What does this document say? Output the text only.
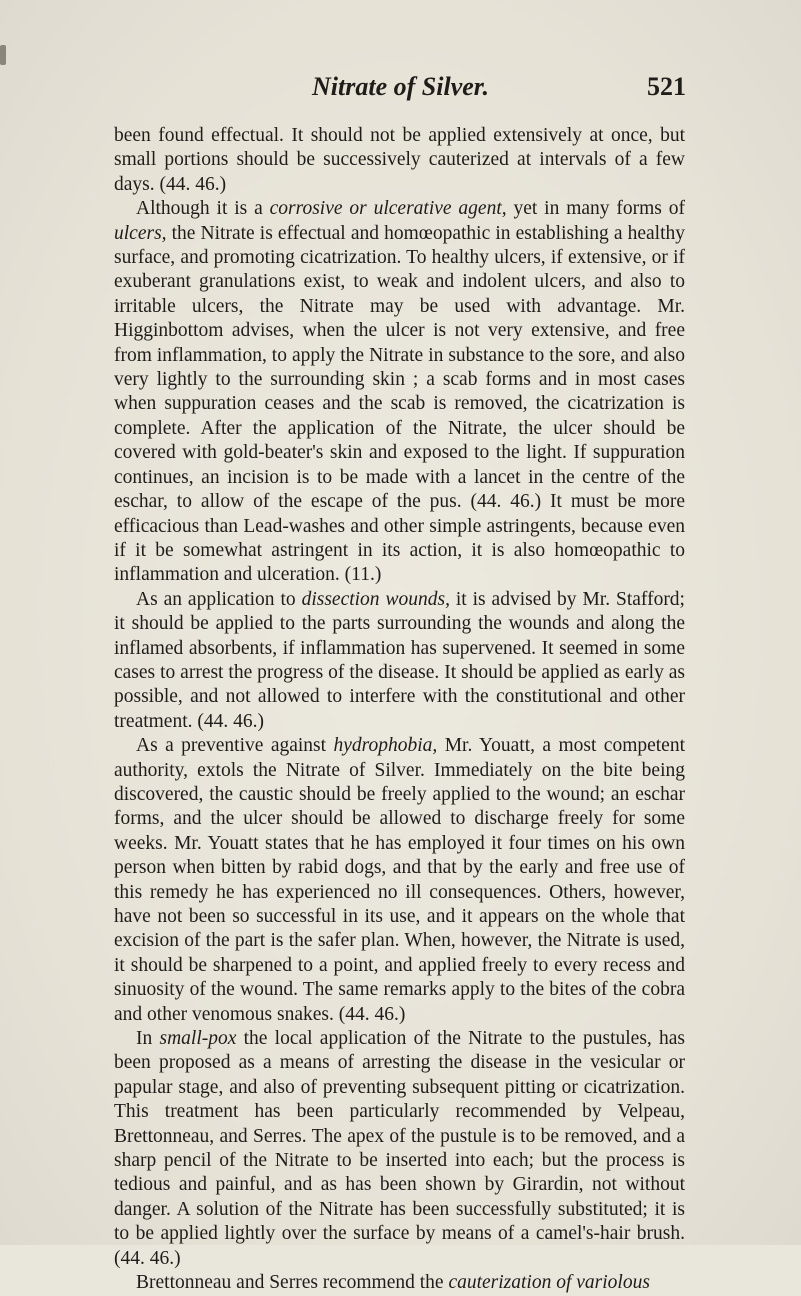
Nitrate of Silver.	521

been found effectual. It should not be applied extensively at once, but small portions should be successively cauterized at intervals of a few days. (44. 46.)

Although it is a corrosive or ulcerative agent, yet in many forms of ulcers, the Nitrate is effectual and homœopathic in establishing a healthy surface, and promoting cicatrization. To healthy ulcers, if extensive, or if exuberant granulations exist, to weak and indolent ulcers, and also to irritable ulcers, the Nitrate may be used with advantage. Mr. Higginbottom advises, when the ulcer is not very extensive, and free from inflammation, to apply the Nitrate in substance to the sore, and also very lightly to the surrounding skin ; a scab forms and in most cases when suppuration ceases and the scab is removed, the cicatrization is complete. After the application of the Nitrate, the ulcer should be covered with gold-beater's skin and exposed to the light. If suppuration continues, an incision is to be made with a lancet in the centre of the eschar, to allow of the escape of the pus. (44. 46.) It must be more efficacious than Lead-washes and other simple astringents, because even if it be somewhat astringent in its action, it is also homœopathic to inflammation and ulceration. (11.)

As an application to dissection wounds, it is advised by Mr. Stafford; it should be applied to the parts surrounding the wounds and along the inflamed absorbents, if inflammation has supervened. It seemed in some cases to arrest the progress of the disease. It should be applied as early as possible, and not allowed to interfere with the constitutional and other treatment. (44. 46.)

As a preventive against hydrophobia, Mr. Youatt, a most competent authority, extols the Nitrate of Silver. Immediately on the bite being discovered, the caustic should be freely applied to the wound; an eschar forms, and the ulcer should be allowed to discharge freely for some weeks. Mr. Youatt states that he has employed it four times on his own person when bitten by rabid dogs, and that by the early and free use of this remedy he has experienced no ill consequences. Others, however, have not been so successful in its use, and it appears on the whole that excision of the part is the safer plan. When, however, the Nitrate is used, it should be sharpened to a point, and applied freely to every recess and sinuosity of the wound. The same remarks apply to the bites of the cobra and other venomous snakes. (44. 46.)

In small-pox the local application of the Nitrate to the pustules, has been proposed as a means of arresting the disease in the vesicular or papular stage, and also of preventing subsequent pitting or cicatrization. This treatment has been particularly recommended by Velpeau, Brettonneau, and Serres. The apex of the pustule is to be removed, and a sharp pencil of the Nitrate to be inserted into each; but the process is tedious and painful, and as has been shown by Girardin, not without danger. A solution of the Nitrate has been successfully substituted; it is to be applied lightly over the surface by means of a camel's-hair brush. (44. 46.)

Brettonneau and Serres recommend the cauterization of variolous
